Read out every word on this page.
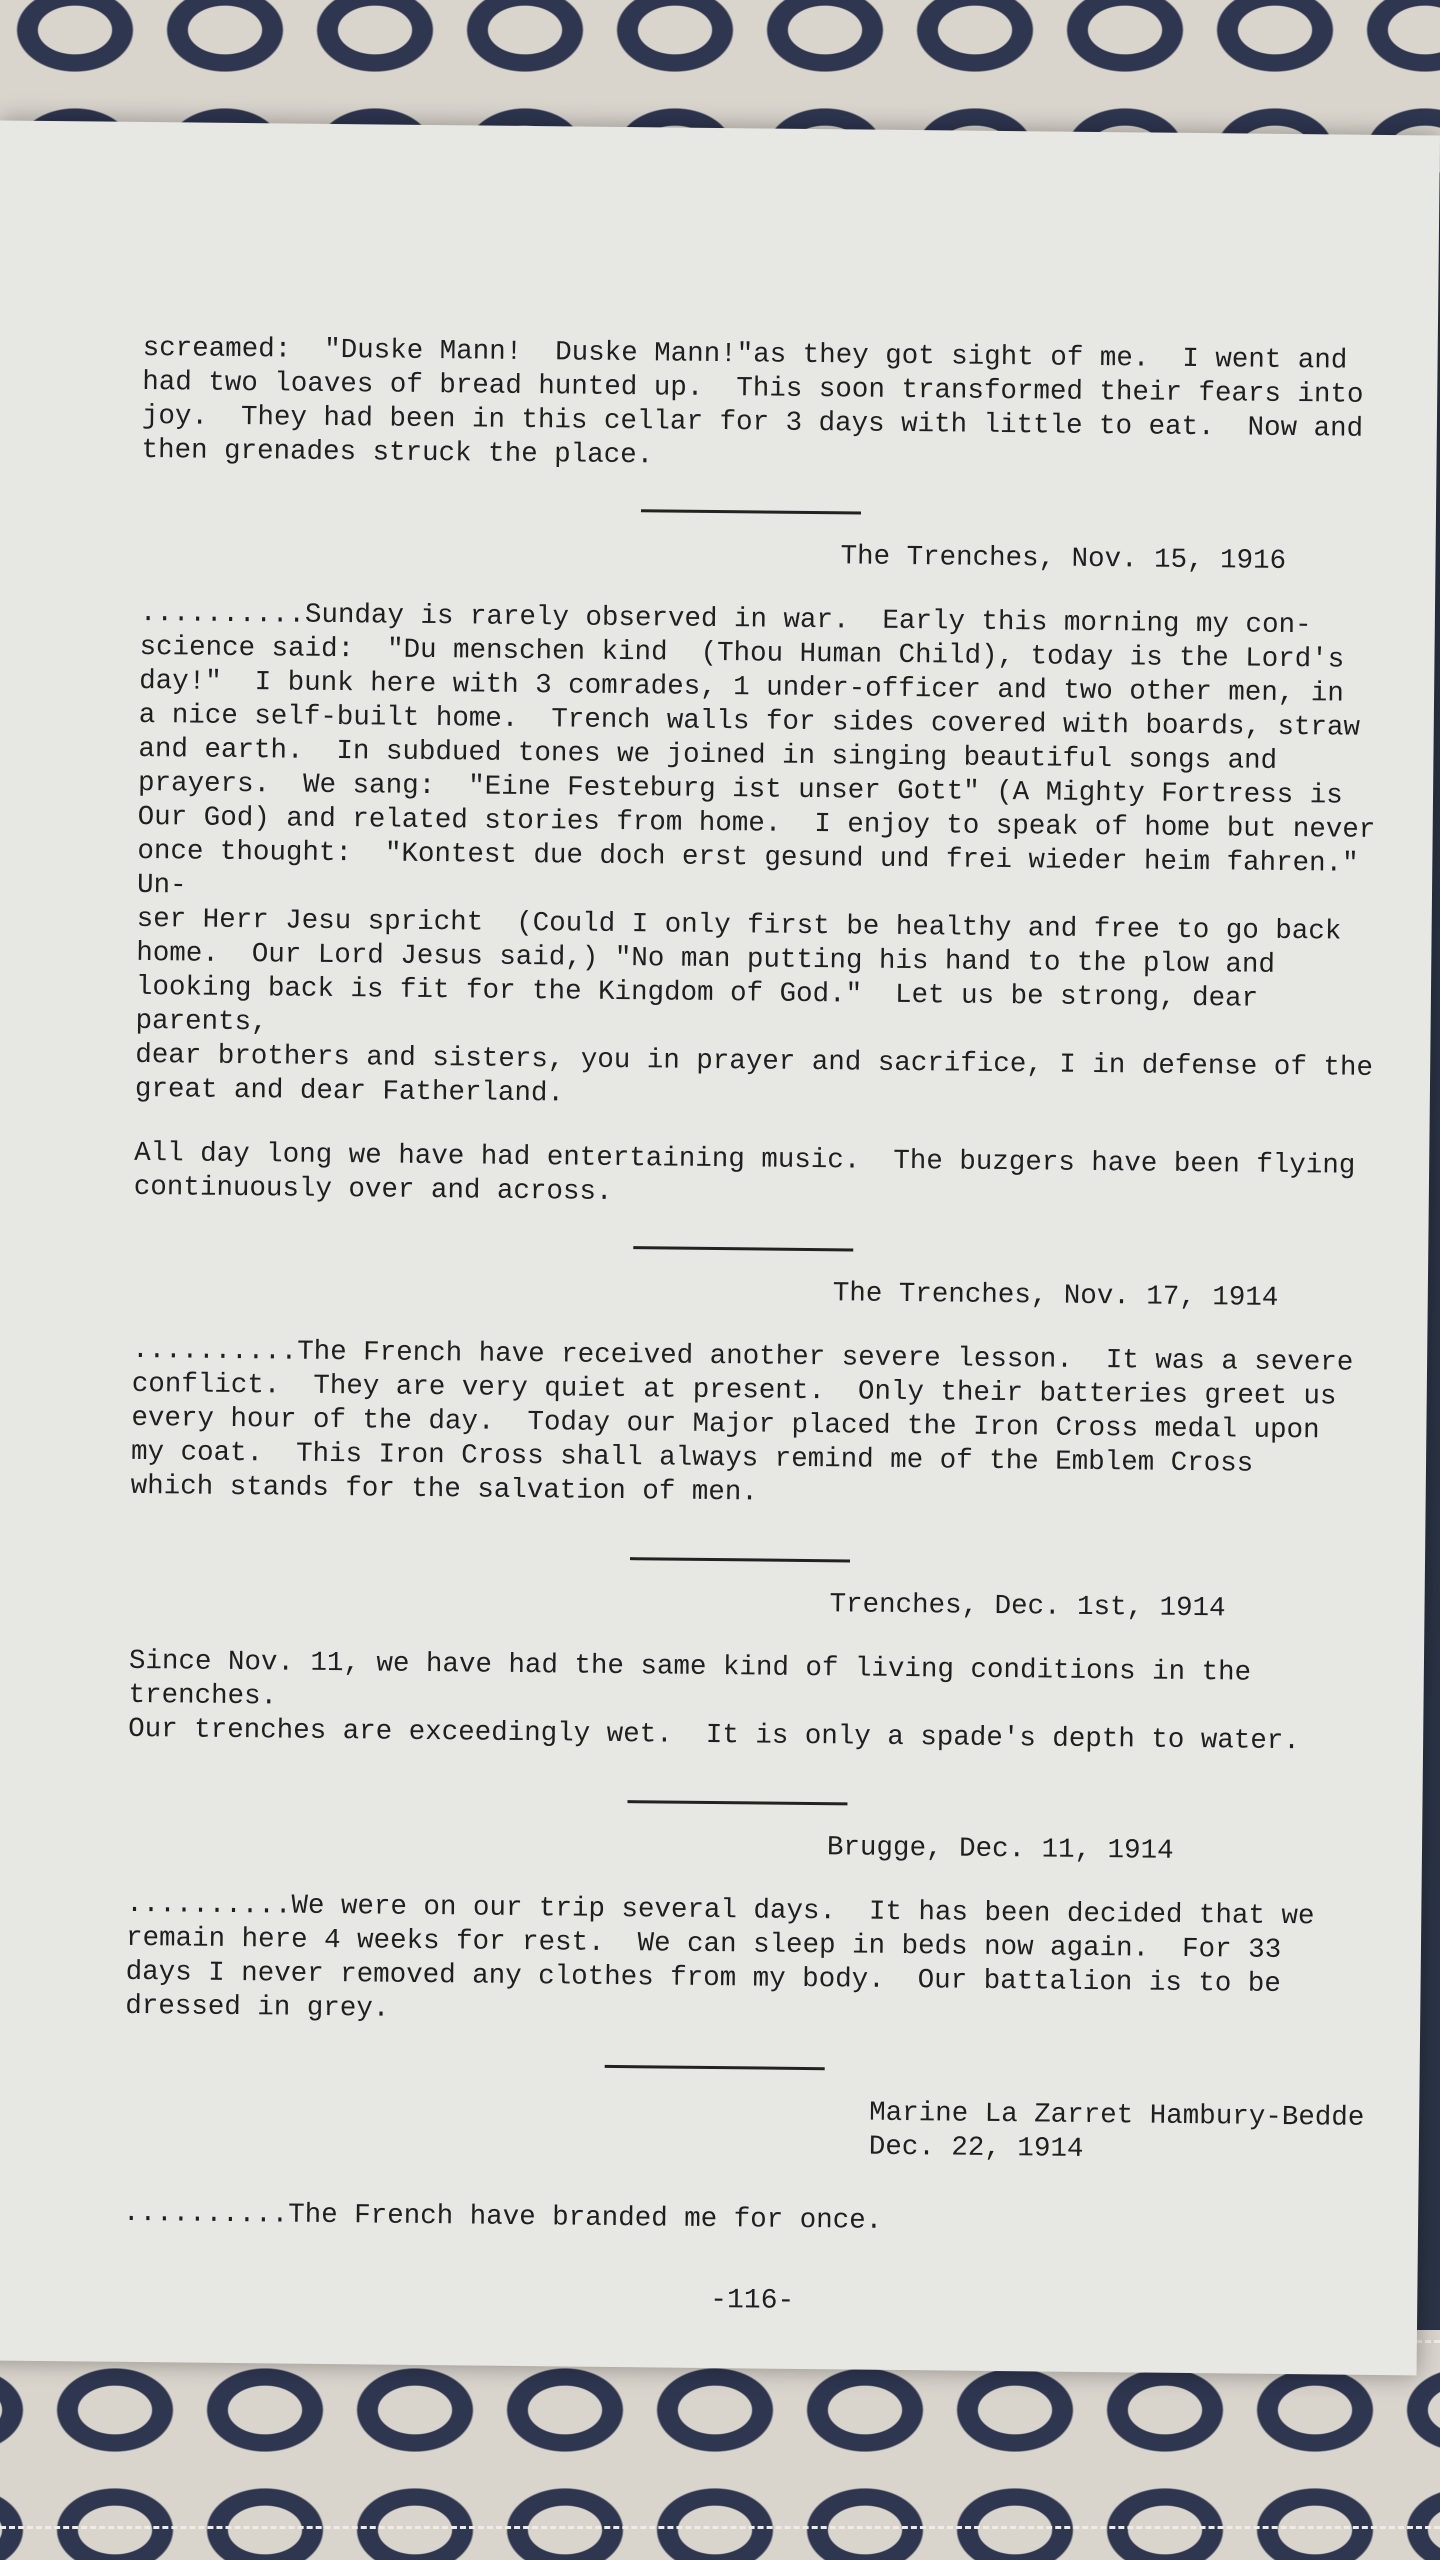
screamed:  "Duske Mann!  Duske Mann!"as they got sight of me.  I went and
had two loaves of bread hunted up.  This soon transformed their fears into
joy.  They had been in this cellar for 3 days with little to eat.  Now and
then grenades struck the place.

The Trenches, Nov. 15, 1916

..........Sunday is rarely observed in war.  Early this morning my con-
science said:  "Du menschen kind  (Thou Human Child), today is the Lord's
day!"  I bunk here with 3 comrades, 1 under-officer and two other men, in
a nice self-built home.  Trench walls for sides covered with boards, straw
and earth.  In subdued tones we joined in singing beautiful songs and
prayers.  We sang:  "Eine Festeburg ist unser Gott" (A Mighty Fortress is
Our God) and related stories from home.  I enjoy to speak of home but never
once thought:  "Kontest due doch erst gesund und frei wieder heim fahren."  Un-
ser Herr Jesu spricht  (Could I only first be healthy and free to go back
home.  Our Lord Jesus said,) "No man putting his hand to the plow and
looking back is fit for the Kingdom of God."  Let us be strong, dear parents,
dear brothers and sisters, you in prayer and sacrifice, I in defense of the
great and dear Fatherland.

All day long we have had entertaining music.  The buzgers have been flying
continuously over and across.

The Trenches, Nov. 17, 1914

..........The French have received another severe lesson.  It was a severe
conflict.  They are very quiet at present.  Only their batteries greet us
every hour of the day.  Today our Major placed the Iron Cross medal upon
my coat.  This Iron Cross shall always remind me of the Emblem Cross
which stands for the salvation of men.

Trenches, Dec. 1st, 1914

Since Nov. 11, we have had the same kind of living conditions in the trenches.
Our trenches are exceedingly wet.  It is only a spade's depth to water.

Brugge, Dec. 11, 1914

..........We were on our trip several days.  It has been decided that we
remain here 4 weeks for rest.  We can sleep in beds now again.  For 33
days I never removed any clothes from my body.  Our battalion is to be
dressed in grey.

Marine La Zarret Hambury-Bedde
Dec. 22, 1914

..........The French have branded me for once.

-116-
